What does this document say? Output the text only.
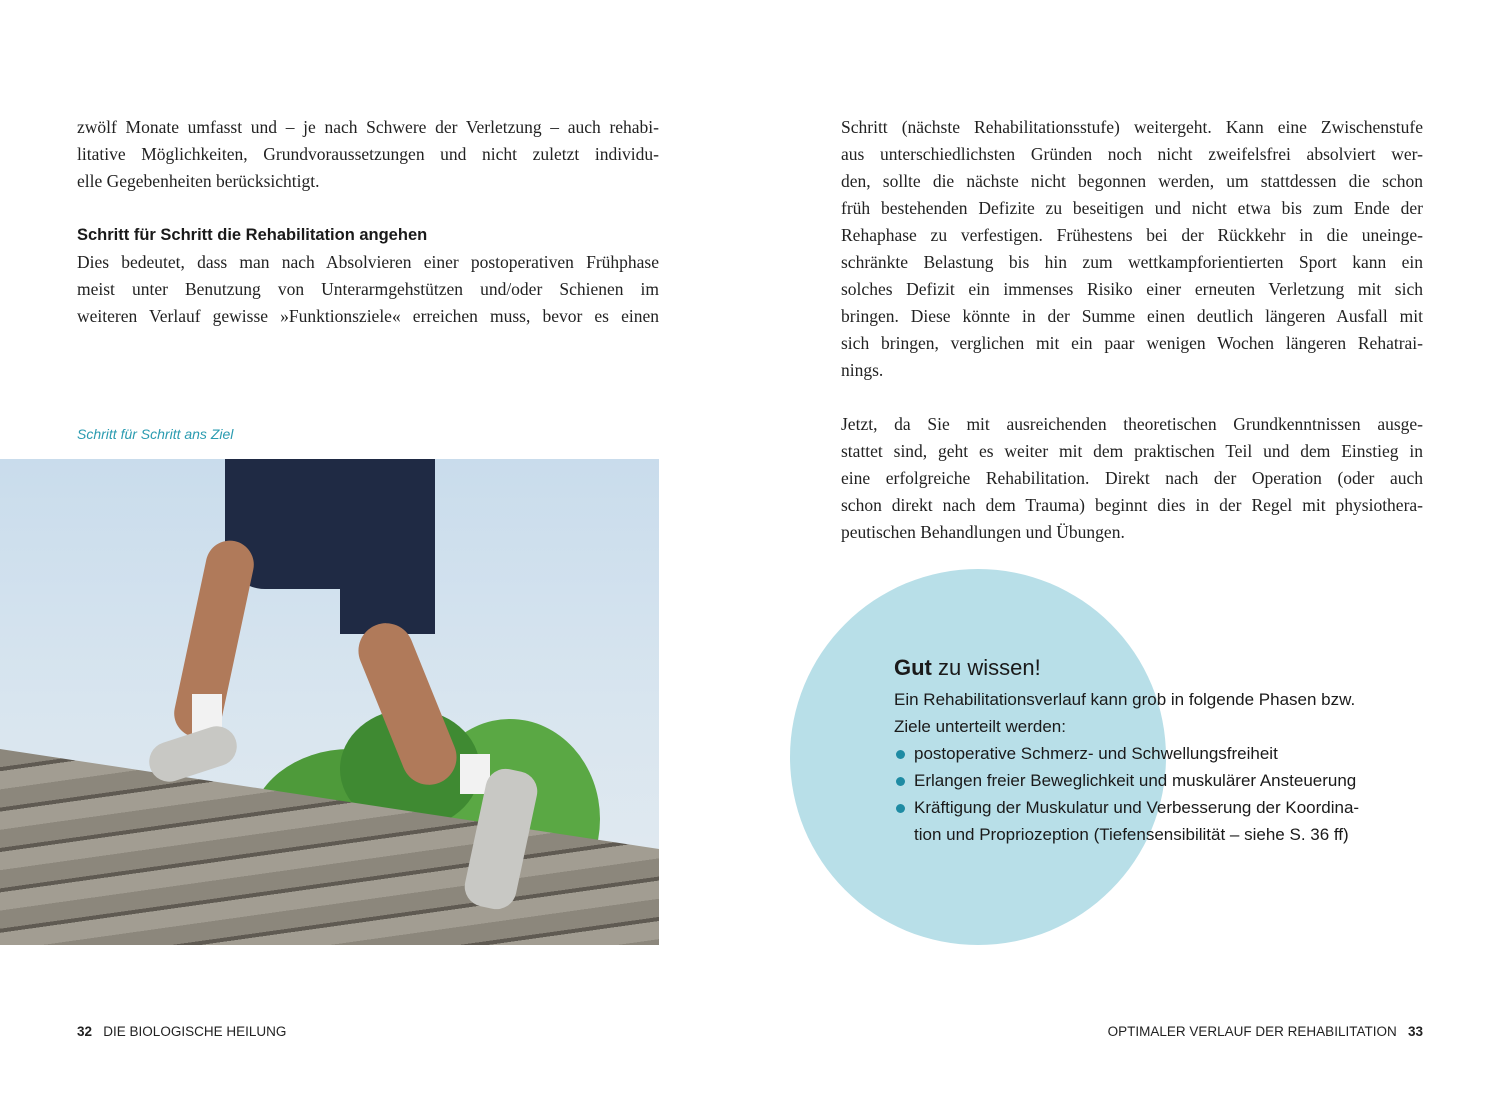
zwölf Monate umfasst und – je nach Schwere der Verletzung – auch rehabi-
litative Möglichkeiten, Grundvoraussetzungen und nicht zuletzt individu-
elle Gegebenheiten berücksichtigt.
Schritt für Schritt die Rehabilitation angehen
Dies bedeutet, dass man nach Absolvieren einer postoperativen Frühphase
meist unter Benutzung von Unterarmgehstützen und/oder Schienen im
weiteren Verlauf gewisse »Funktionsziele« erreichen muss, bevor es einen
Schritt für Schritt ans Ziel
Schritt (nächste Rehabilitationsstufe) weitergeht. Kann eine Zwischenstufe
aus unterschiedlichsten Gründen noch nicht zweifelsfrei absolviert wer-
den, sollte die nächste nicht begonnen werden, um stattdessen die schon
früh bestehenden Defizite zu beseitigen und nicht etwa bis zum Ende der
Rehaphase zu verfestigen. Frühestens bei der Rückkehr in die uneinge-
schränkte Belastung bis hin zum wettkampforientierten Sport kann ein
solches Defizit ein immenses Risiko einer erneuten Verletzung mit sich
bringen. Diese könnte in der Summe einen deutlich längeren Ausfall mit
sich bringen, verglichen mit ein paar wenigen Wochen längeren Rehatrai-
nings.
Jetzt, da Sie mit ausreichenden theoretischen Grundkenntnissen ausge-
stattet sind, geht es weiter mit dem praktischen Teil und dem Einstieg in
eine erfolgreiche Rehabilitation. Direkt nach der Operation (oder auch
schon direkt nach dem Trauma) beginnt dies in der Regel mit physiothera-
peutischen Behandlungen und Übungen.
Gut zu wissen!
Ein Rehabilitationsverlauf kann grob in folgende Phasen bzw.
Ziele unterteilt werden:
postoperative Schmerz- und Schwellungsfreiheit
Erlangen freier Beweglichkeit und muskulärer Ansteuerung
Kräftigung der Muskulatur und Verbesserung der Koordina-
tion und Propriozeption (Tiefensensibilität – siehe S. 36 ff)
32 DIE BIOLOGISCHE HEILUNG	OPTIMALER VERLAUF DER REHABILITATION 33
